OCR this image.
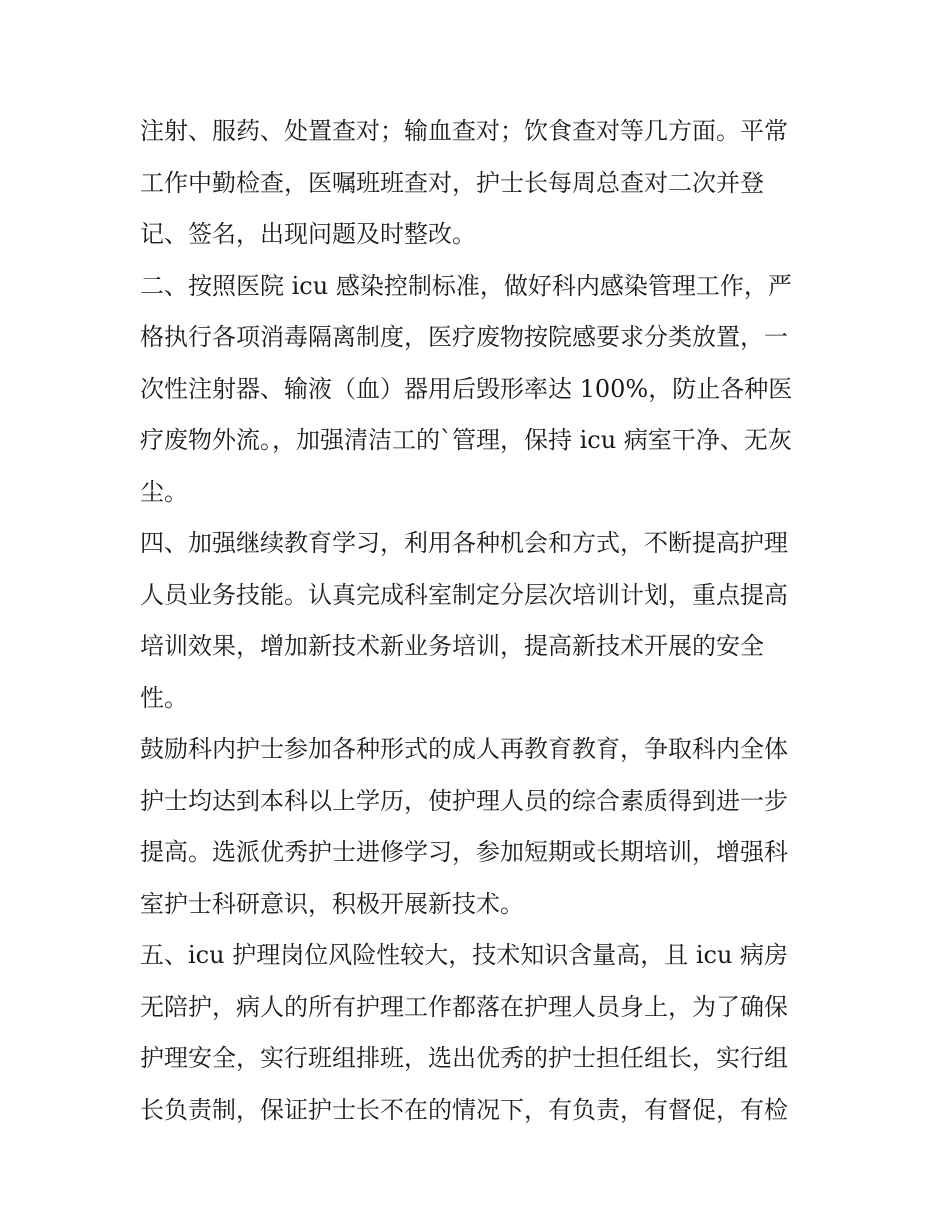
注射、服药、处置查对；输血查对；饮食查对等几方面。平常
工作中勤检查，医嘱班班查对，护士长每周总查对二次并登
记、签名，出现问题及时整改。
二、按照医院 icu 感染控制标准，做好科内感染管理工作，严
格执行各项消毒隔离制度，医疗废物按院感要求分类放置，一
次性注射器、输液（血）器用后毁形率达 100%，防止各种医
疗废物外流。，加强清洁工的`管理，保持 icu 病室干净、无灰
尘。
四、加强继续教育学习，利用各种机会和方式，不断提高护理
人员业务技能。认真完成科室制定分层次培训计划，重点提高
培训效果，增加新技术新业务培训，提高新技术开展的安全
性。
鼓励科内护士参加各种形式的成人再教育教育，争取科内全体
护士均达到本科以上学历，使护理人员的综合素质得到进一步
提高。选派优秀护士进修学习，参加短期或长期培训，增强科
室护士科研意识，积极开展新技术。
五、icu 护理岗位风险性较大，技术知识含量高，且 icu 病房
无陪护，病人的所有护理工作都落在护理人员身上，为了确保
护理安全，实行班组排班，选出优秀的护士担任组长，实行组
长负责制，保证护士长不在的情况下，有负责，有督促，有检
